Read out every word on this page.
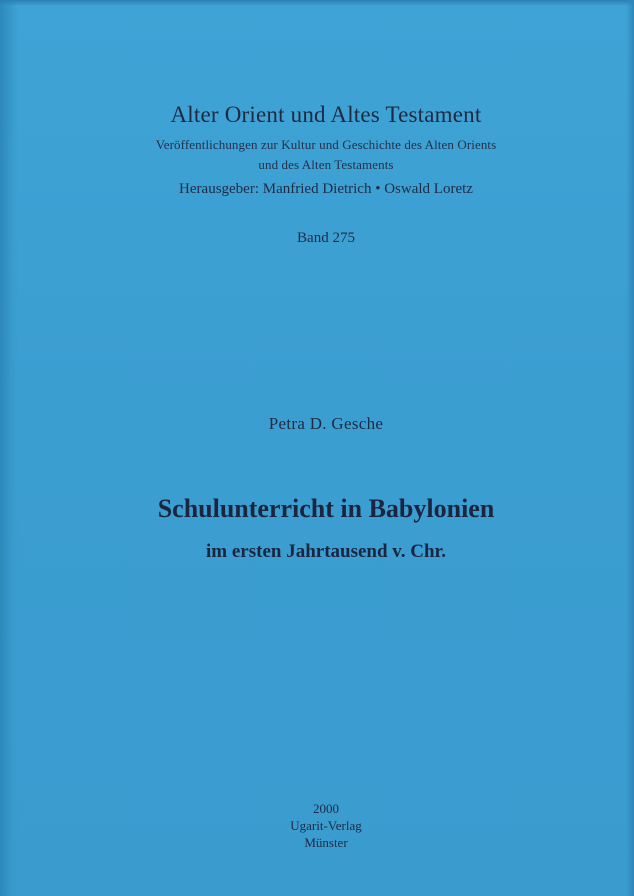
Alter Orient und Altes Testament
Veröffentlichungen zur Kultur und Geschichte des Alten Orients
und des Alten Testaments
Herausgeber: Manfried Dietrich • Oswald Loretz
Band 275
Petra D. Gesche
Schulunterricht in Babylonien
im ersten Jahrtausend v. Chr.
2000
Ugarit-Verlag
Münster
